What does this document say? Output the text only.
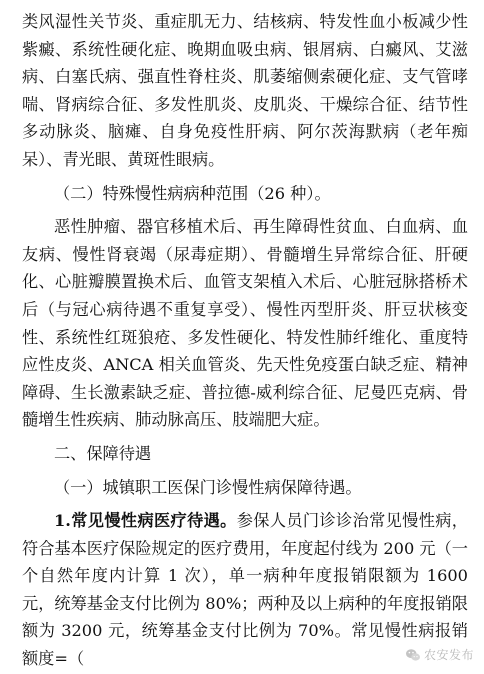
类风湿性关节炎、重症肌无力、结核病、特发性血小板减少性紫癜、系统性硬化症、晚期血吸虫病、银屑病、白癜风、艾滋病、白塞氏病、强直性脊柱炎、肌萎缩侧索硬化症、支气管哮喘、肾病综合征、多发性肌炎、皮肌炎、干燥综合征、结节性多动脉炎、脑瘫、自身免疫性肝病、阿尔茨海默病（老年痴呆）、青光眼、黄斑性眼病。

（二）特殊慢性病病种范围（26 种）。

恶性肿瘤、器官移植术后、再生障碍性贫血、白血病、血友病、慢性肾衰竭（尿毒症期）、骨髓增生异常综合征、肝硬化、心脏瓣膜置换术后、血管支架植入术后、心脏冠脉搭桥术后（与冠心病待遇不重复享受）、慢性丙型肝炎、肝豆状核变性、系统性红斑狼疮、多发性硬化、特发性肺纤维化、重度特应性皮炎、ANCA 相关血管炎、先天性免疫蛋白缺乏症、精神障碍、生长激素缺乏症、普拉德-威利综合征、尼曼匹克病、骨髓增生性疾病、肺动脉高压、肢端肥大症。

二、保障待遇

（一）城镇职工医保门诊慢性病保障待遇。

1.常见慢性病医疗待遇。参保人员门诊诊治常见慢性病，符合基本医疗保险规定的医疗费用，年度起付线为 200 元（一个自然年度内计算 1 次），单一病种年度报销限额为 1600 元，统筹基金支付比例为 80%；两种及以上病种的年度报销限额为 3200 元，统筹基金支付比例为 70%。常见慢性病报销额度=（	农安发布
